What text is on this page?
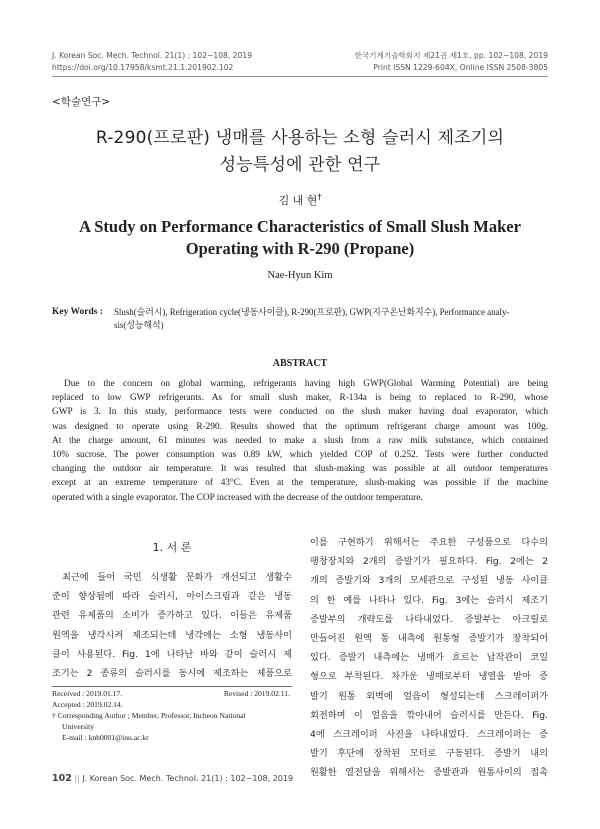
J. Korean Soc. Mech. Technol. 21(1) : 102~108, 2019
https://doi.org/10.17958/ksmt.21.1.201902.102
한국기계기술학회지 제21권 제1호, pp. 102~108, 2019
Print ISSN 1229-604X, Online ISSN 2508-3805
<학술연구>
R-290(프로판) 냉매를 사용하는 소형 슬러시 제조기의
성능특성에 관한 연구
김 내 현†
A Study on Performance Characteristics of Small Slush Maker
Operating with R-290 (Propane)
Nae-Hyun Kim
Key Words : Slush(슬러시), Refrigeration cycle(냉동사이클), R-290(프로판), GWP(지구온난화지수), Performance analy-
sis(성능해석)
ABSTRACT
Due to the concern on global warming, refrigerants having high GWP(Global Warming Potential) are being
replaced to low GWP refrigerants. As for small slush maker, R-134a is being to replaced to R-290, whose
GWP is 3. In this study, performance tests were conducted on the slush maker having dual evaporator, which
was designed to operate using R-290. Results showed that the optimum refrigerant charge amount was 100g.
At the charge amount, 61 minutes was needed to make a slush from a raw milk substance, which contained
10% sucrose. The power consumption was 0.89 kW, which yielded COP of 0.252. Tests were further conducted
changing the outdoor air temperature. It was resulted that slush-making was possible at all outdoor temperatures
except at an extreme temperature of 43°C. Even at the temperature, slush-making was possible if the machine
operated with a single evaporator. The COP increased with the decrease of the outdoor temperature.
1. 서 론
최근에 들어 국민 식생활 문화가 개선되고 생활수
준이 향상됨에 따라 슬러시, 아이스크림과 같은 냉동
관련 유제품의 소비가 증가하고 있다. 이들은 유제품
원액을 냉각시켜 제조되는데 냉각에는 소형 냉동사이
클이 사용된다. Fig. 1에 나타난 바와 같이 슬러시 제
조기는 2 종류의 슬러시를 동시에 제조하는 제품으로
Received : 2019.01.17.	Revised : 2019.02.11.
Accepted : 2019.02.14.
† Corresponding Author ; Member, Professor, Incheon National
University
E-mail : knh0001@inu.ac.kr
이를 구현하기 위해서는 주요한 구성품으로 다수의
팽창장치와 2개의 증발기가 필요하다. Fig. 2에는 2
개의 증발기와 3개의 모세관으로 구성된 냉동 사이클
의 한 예를 나타나 있다. Fig. 3에는 슬러시 제조기
증발부의 개략도를 나타내었다. 증발부는 아크릴로
만들어진 원액 통 내측에 원통형 증발기가 장착되어
있다. 증발기 내측에는 냉매가 흐르는 납작관이 코일
형으로 부착된다. 차가운 냉매로부터 냉열을 받아 증
발기 원통 외벽에 얼음이 형성되는데 스크레이퍼가
회전하며 이 얼음을 깎아내어 슬러시를 만든다. Fig.
4에 스크레이퍼 사진을 나타내었다. 스크레이퍼는 증
발기 후단에 장착된 모터로 구동된다. 증발기 내의
원활한 열전달을 위해서는 증발관과 원통사이의 접촉
102 || J. Korean Soc. Mech. Technol. 21(1) : 102~108, 2019
